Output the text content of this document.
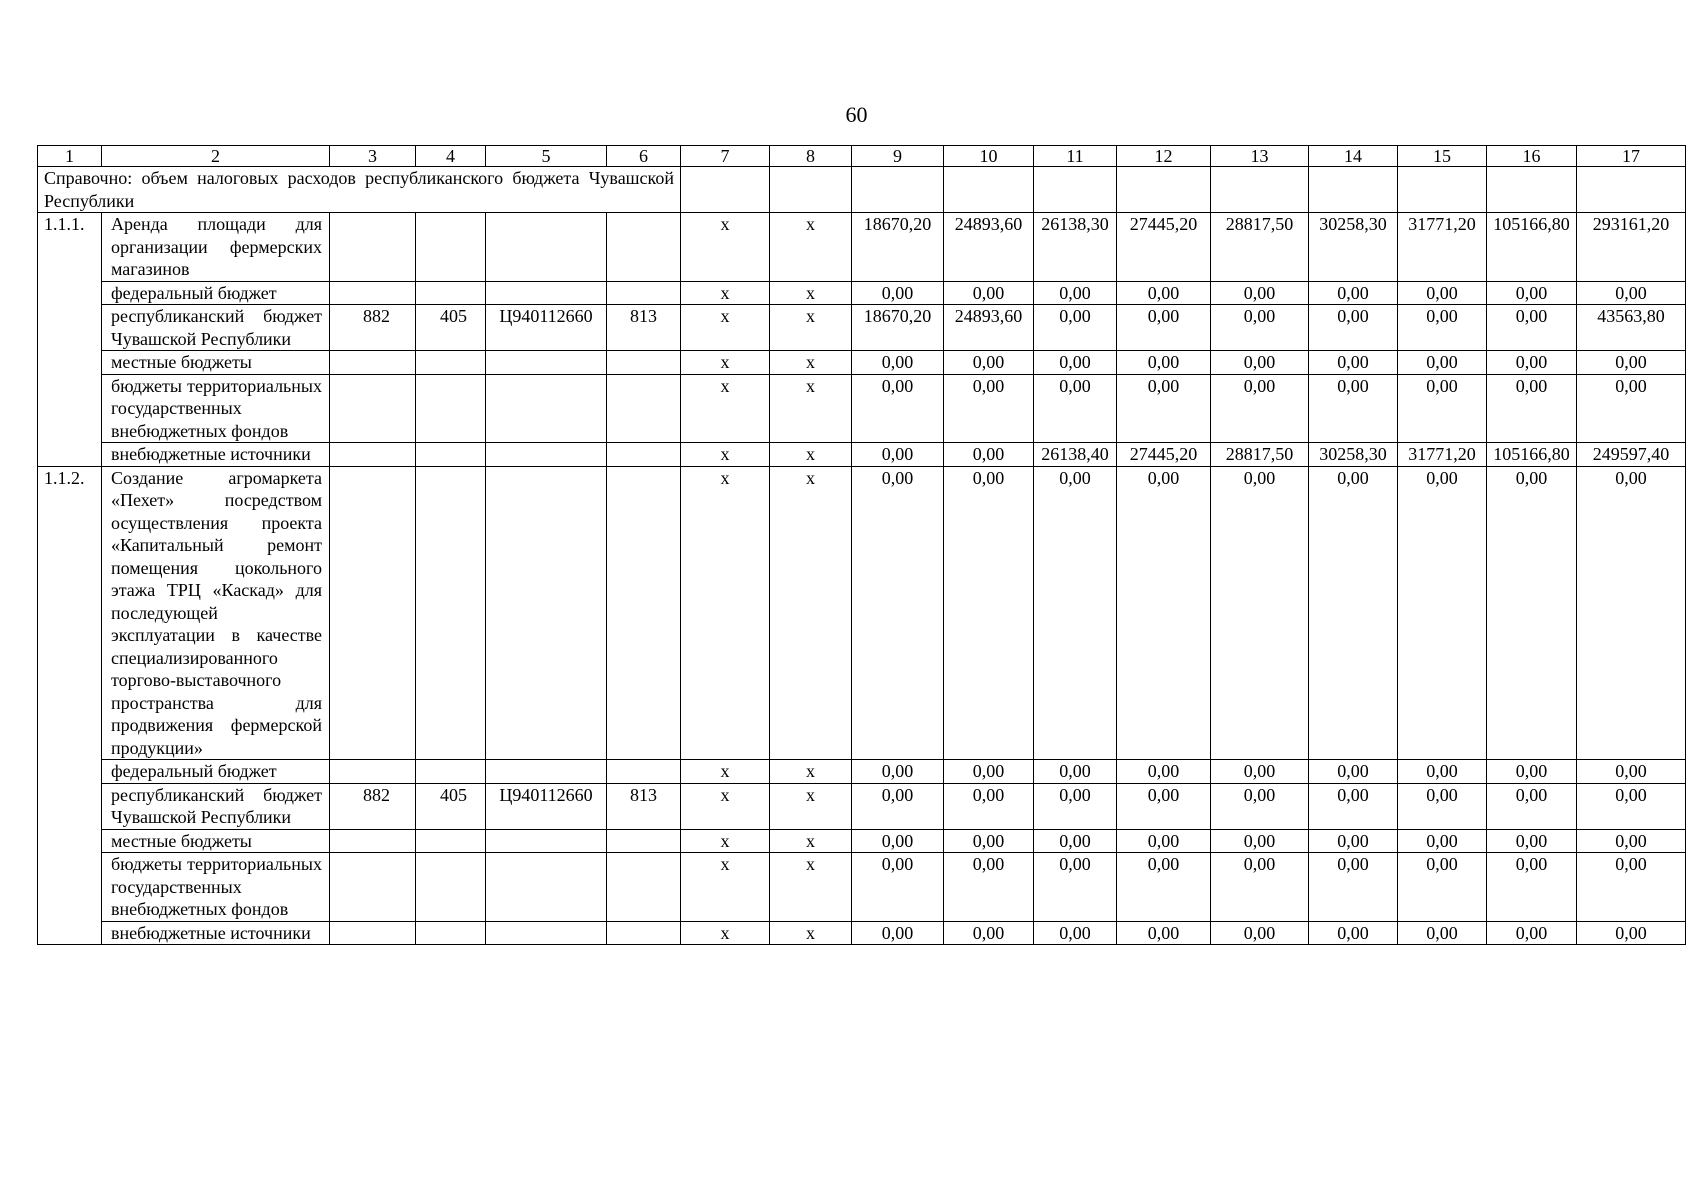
60
1	2	3	4	5	6	7	8	9	10	11	12	13	14	15	16	17
Справочно: объем налоговых расходов республиканского бюджета Чувашской Республики																
1.1.1.	Аренда площади для организации фермерских магазинов					х	х	18670,20	24893,60	26138,30	27445,20	28817,50	30258,30	31771,20	105166,80	293161,20
	федеральный бюджет					х	х	0,00	0,00	0,00	0,00	0,00	0,00	0,00	0,00	0,00
	республиканский бюджет Чувашской Республики	882	405	Ц940112660	813	х	х	18670,20	24893,60	0,00	0,00	0,00	0,00	0,00	0,00	43563,80
	местные бюджеты					х	х	0,00	0,00	0,00	0,00	0,00	0,00	0,00	0,00	0,00
	бюджеты территориальных государственных внебюджетных фондов					х	х	0,00	0,00	0,00	0,00	0,00	0,00	0,00	0,00	0,00
	внебюджетные источники					х	х	0,00	0,00	26138,40	27445,20	28817,50	30258,30	31771,20	105166,80	249597,40
1.1.2.	Создание агромаркета «Пехет» посредством осуществления проекта «Капитальный ремонт помещения цокольного этажа ТРЦ «Каскад» для последующей эксплуатации в качестве специализированного торгово-выставочного пространства для продвижения фермерской продукции»					х	х	0,00	0,00	0,00	0,00	0,00	0,00	0,00	0,00	0,00
	федеральный бюджет					х	х	0,00	0,00	0,00	0,00	0,00	0,00	0,00	0,00	0,00
	республиканский бюджет Чувашской Республики	882	405	Ц940112660	813	х	х	0,00	0,00	0,00	0,00	0,00	0,00	0,00	0,00	0,00
	местные бюджеты					х	х	0,00	0,00	0,00	0,00	0,00	0,00	0,00	0,00	0,00
	бюджеты территориальных государственных внебюджетных фондов					х	х	0,00	0,00	0,00	0,00	0,00	0,00	0,00	0,00	0,00
	внебюджетные источники					х	х	0,00	0,00	0,00	0,00	0,00	0,00	0,00	0,00	0,00
